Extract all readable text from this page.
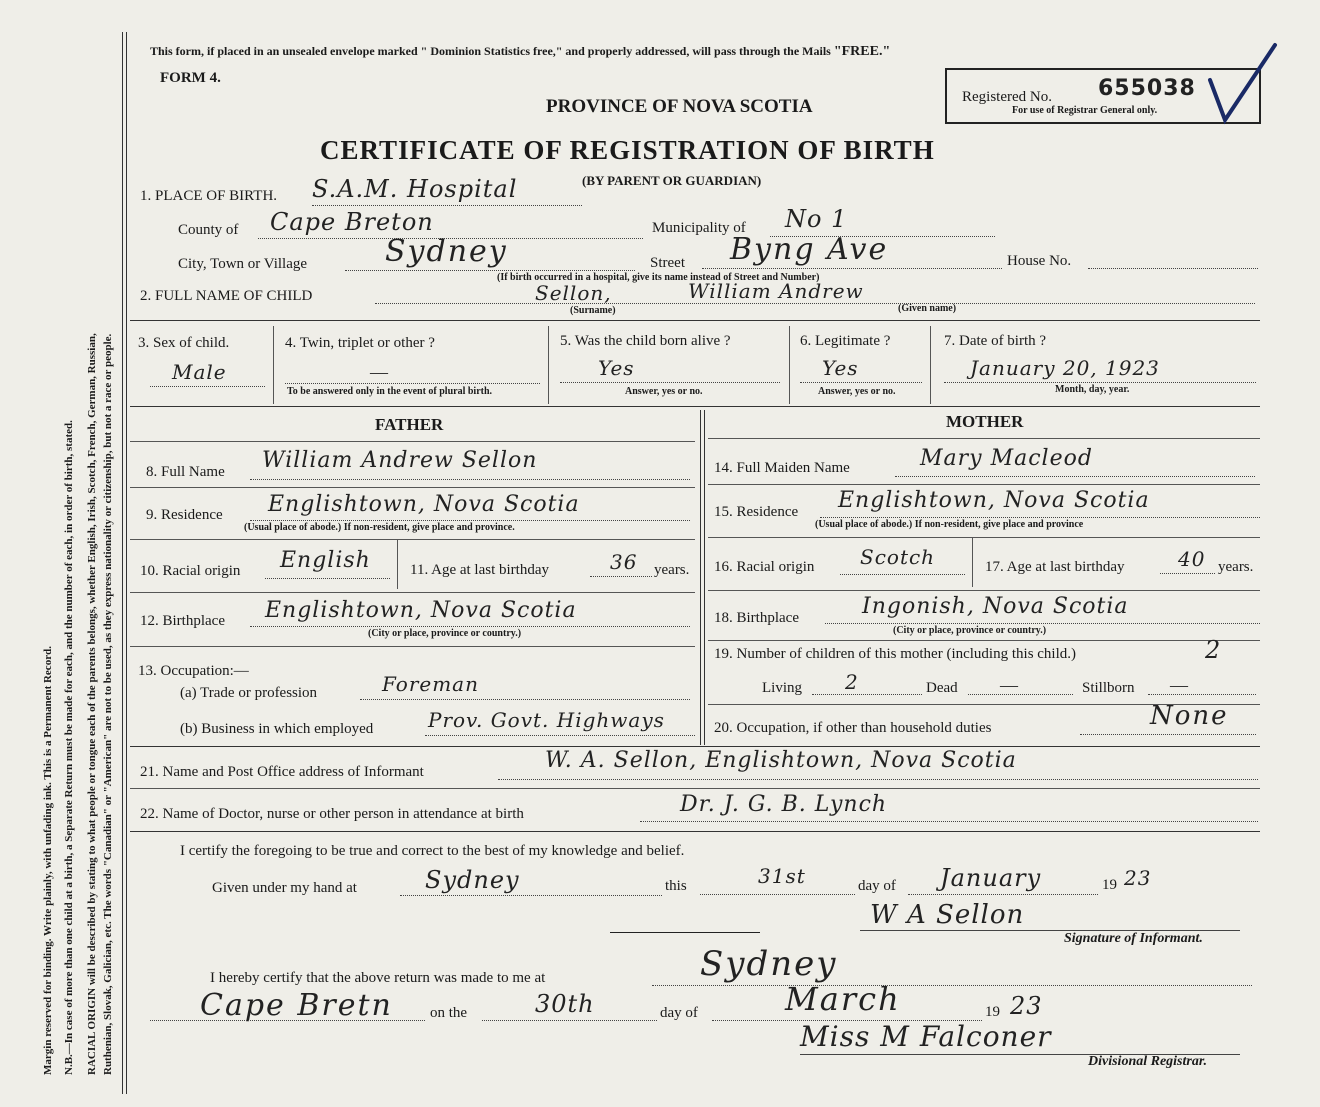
Margin reserved for binding. Write plainly, with unfading ink. This is a Permanent Record. N.B.—In case of more than one child at a birth, a Separate Return must be made for each, and the number of each, in order of birth, stated. RACIAL ORIGIN will be described by stating to what people or tongue each of the parents belongs, whether English, Irish, Scotch, French, German, Russian, Ruthenian, Slovak, Galician, etc. The words "Canadian" or "American" are not to be used, as they express nationality or citizenship, but not a race or people.
This form, if placed in an unsealed envelope marked " Dominion Statistics free," and properly addressed, will pass through the Mails "FREE."
FORM 4.
PROVINCE OF NOVA SCOTIA	Registered No. 655038
For use of Registrar General only.
CERTIFICATE OF REGISTRATION OF BIRTH
(BY PARENT OR GUARDIAN)
1. PLACE OF BIRTH. S.A.M. Hospital
County of Cape Breton	Municipality of No 1
City, Town or Village	Sydney	Street Byng Ave	House No.
(If birth occurred in a hospital, give its name instead of Street and Number)
2. FULL NAME OF CHILD	Sellon,	William Andrew
(Surname)	(Given name)
3. Sex of child.
Male
4. Twin, triplet or other ?
—
To be answered only in the event of plural birth.
5. Was the child born alive ?
Yes
Answer, yes or no.
6. Legitimate ?
Yes
Answer, yes or no.
7. Date of birth ?
January 20, 1923
Month, day, year.
FATHER	MOTHER
8. Full Name William Andrew Sellon
9. Residence Englishtown, Nova Scotia
(Usual place of abode.) If non-resident, give place and province.
10. Racial origin English	11. Age at last birthday	36 years.
12. Birthplace Englishtown, Nova Scotia
(City or place, province or country.)
13. Occupation:—
(a) Trade or profession	Foreman
(b) Business in which employed	Prov. Govt. Highways
14. Full Maiden Name	Mary Macleod
15. Residence Englishtown, Nova Scotia
(Usual place of abode.) If non-resident, give place and province
16. Racial origin Scotch	17. Age at last birthday	40 years.
18. Birthplace	Ingonish, Nova Scotia
(City or place, province or country.)
19. Number of children of this mother (including this child.)	2
Living 2	Dead —	Stillborn —
20. Occupation, if other than household duties	None
21. Name and Post Office address of Informant	W. A. Sellon, Englishtown, Nova Scotia
22. Name of Doctor, nurse or other person in attendance at birth	Dr. J. G. B. Lynch
I certify the foregoing to be true and correct to the best of my knowledge and belief.
Given under my hand at	Sydney	this	31st	day of January	19 23
W A Sellon
Signature of Informant.
I hereby certify that the above return was made to me at	Sydney
Cape Bretn on the	30th	day of	March	19 23
Miss M Falconer
Divisional Registrar.
